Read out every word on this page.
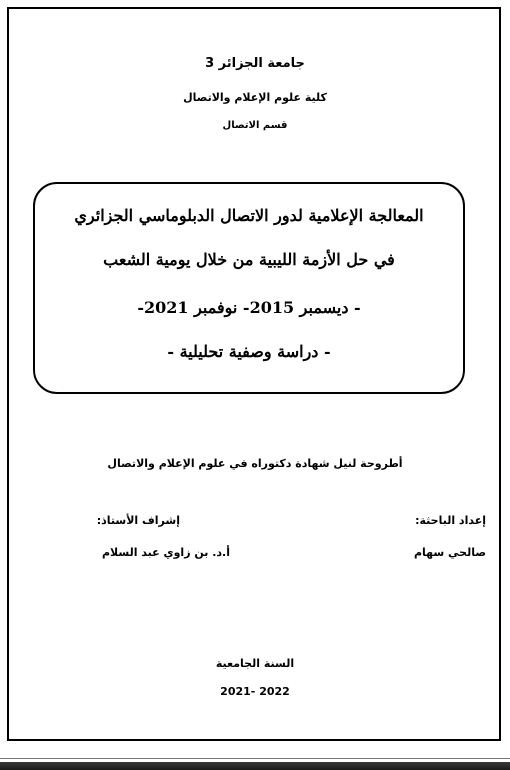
جامعة الجزائر 3
كلية علوم الإعلام والاتصال
قسم الاتصال
المعالجة الإعلامية لدور الاتصال الدبلوماسي الجزائري
في حل الأزمة الليبية من خلال يومية الشعب
- ديسمبر 2015- نوفمبر 2021-
- دراسة وصفية تحليلية -
أطروحة لنيل شهادة دكتوراه في علوم الإعلام والاتصال
إعداد الباحثة:
إشراف الأستاذ:
صالحي سهام
أ.د. بن زاوي عبد السلام
السنة الجامعية
2022 -2021
